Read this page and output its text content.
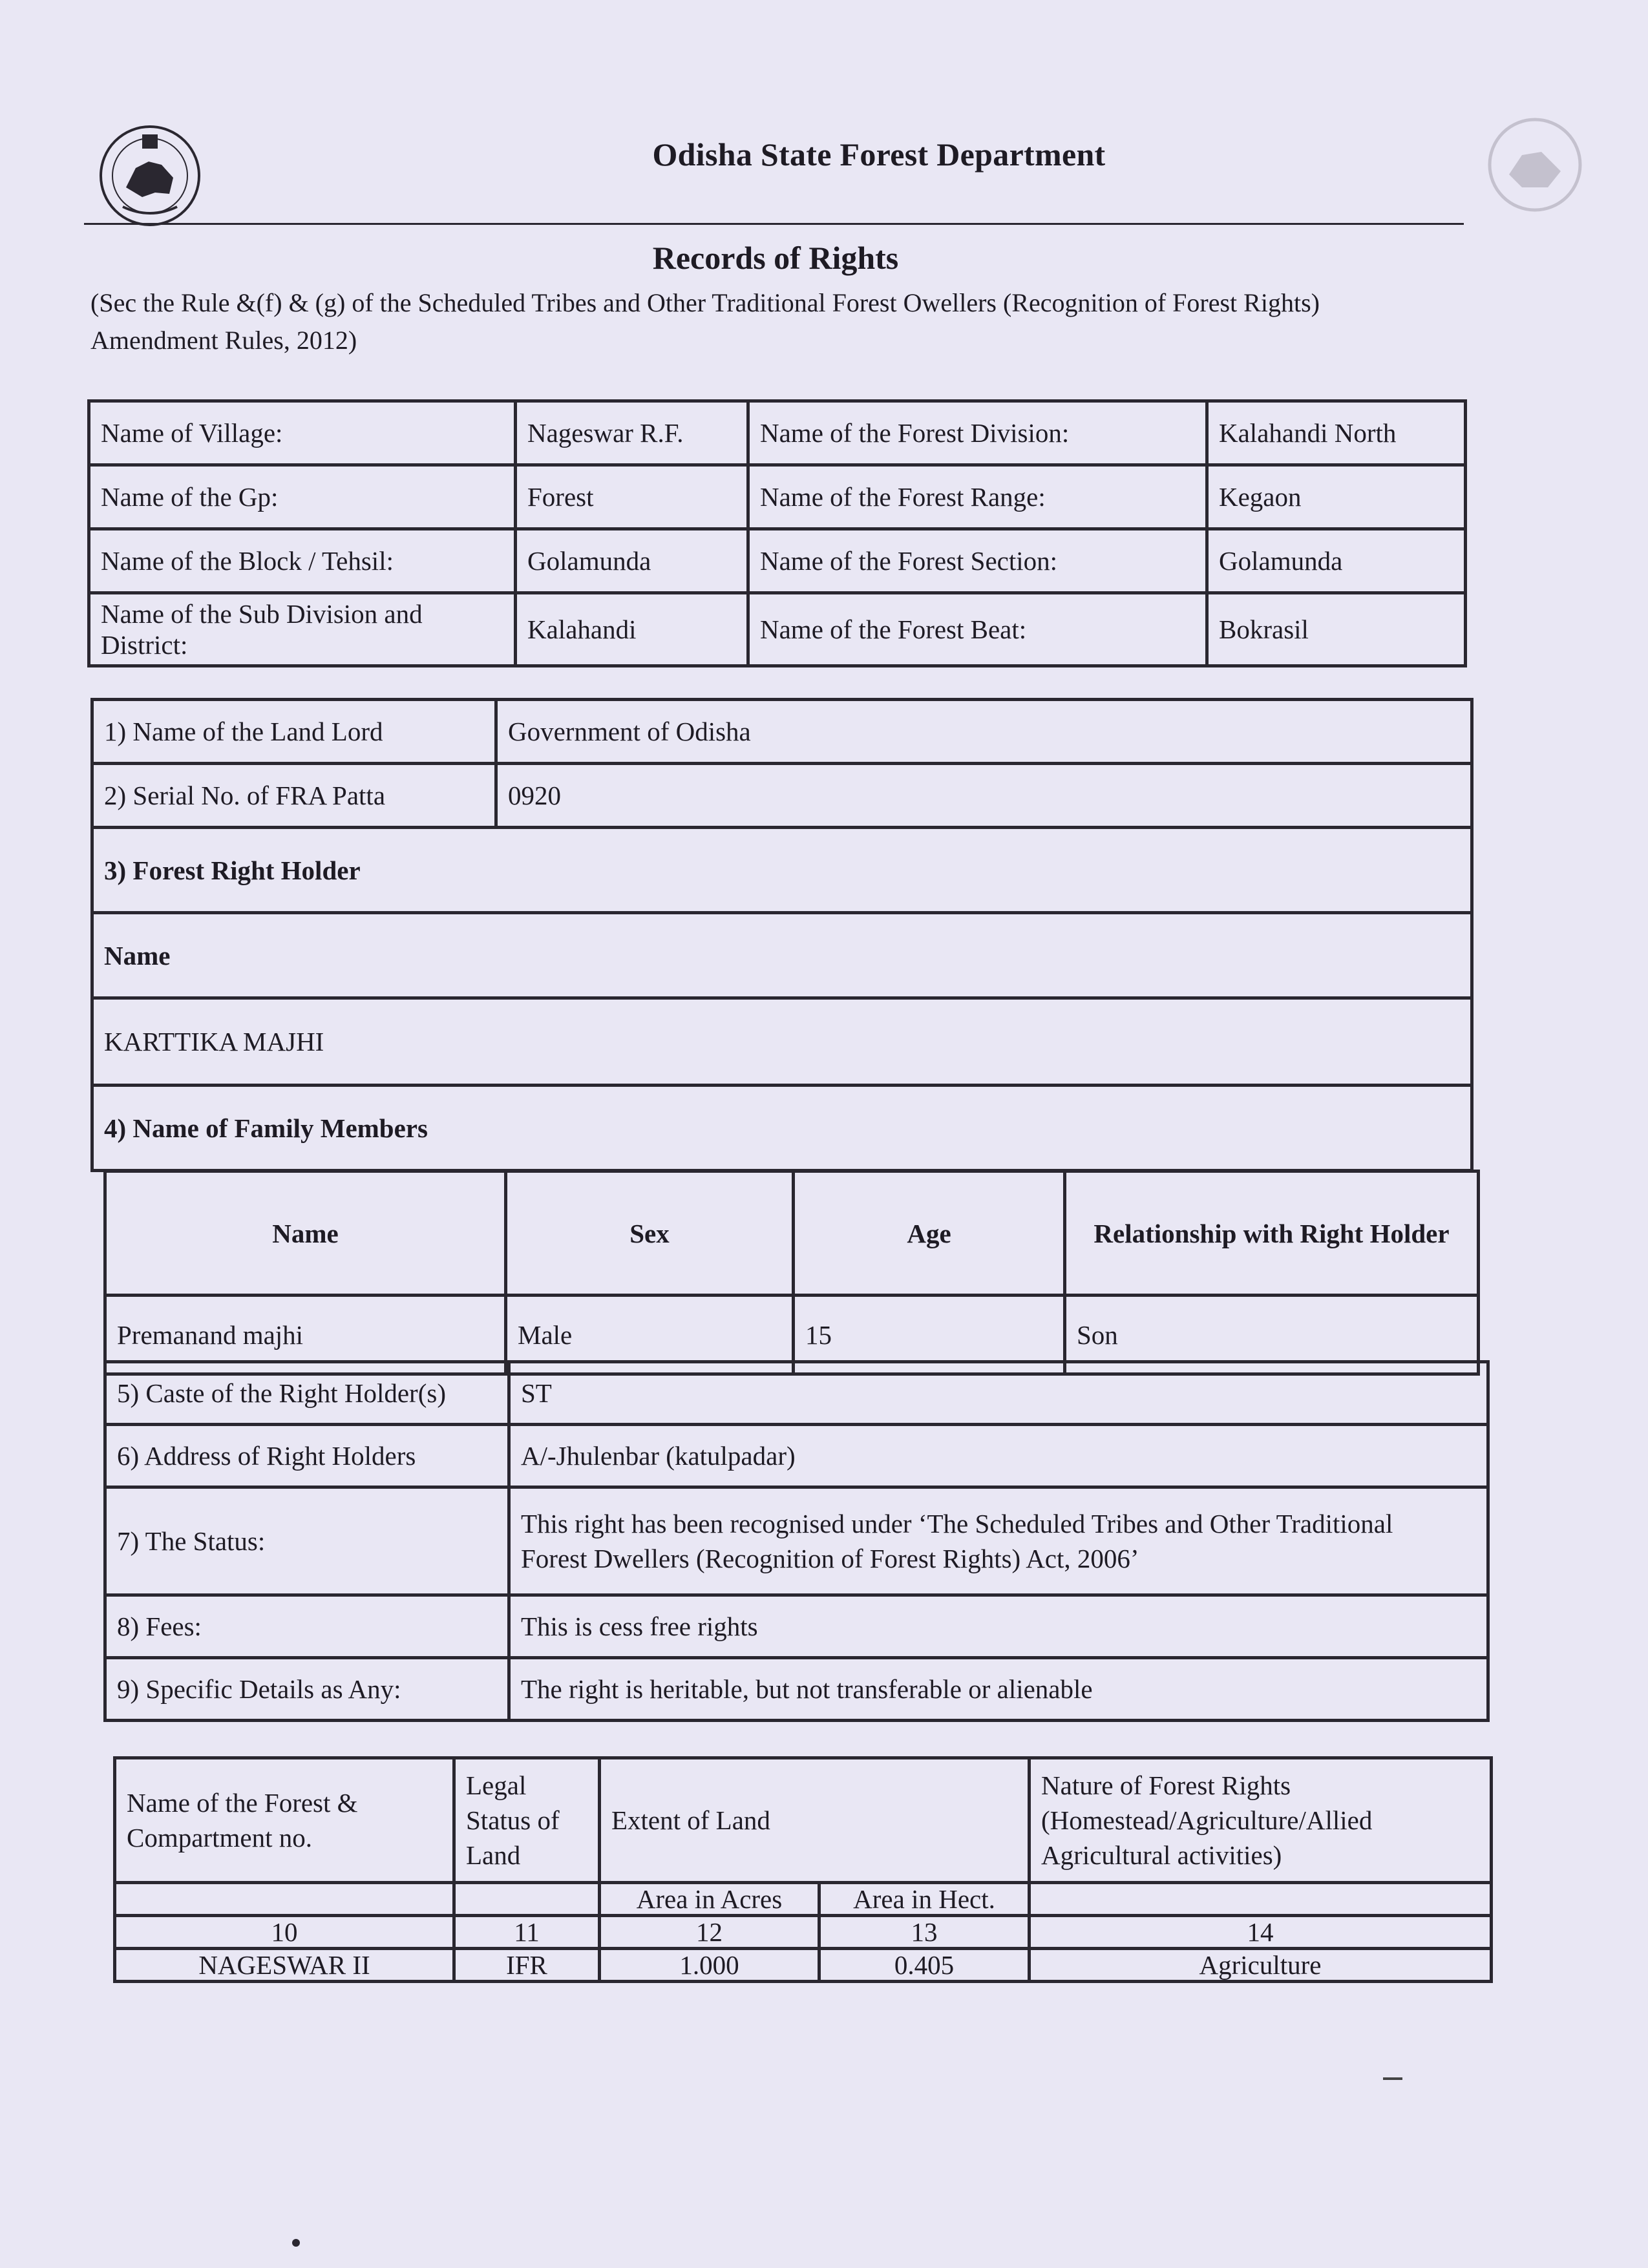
Odisha State Forest Department
Records of Rights
(Sec the Rule &(f) & (g) of the Scheduled Tribes and Other Traditional Forest Owellers (Recognition of Forest Rights) Amendment Rules, 2012)
Name of Village:	Nageswar R.F.	Name of the Forest Division:	Kalahandi North
Name of the Gp:	Forest	Name of the Forest Range:	Kegaon
Name of the Block / Tehsil:	Golamunda	Name of the Forest Section:	Golamunda
Name of the Sub Division and District:	Kalahandi	Name of the Forest Beat:	Bokrasil
1) Name of the Land Lord	Government of Odisha
2) Serial No. of FRA Patta	0920
3) Forest Right Holder	
Name	
KARTTIKA MAJHI	
4) Name of Family Members	
Name	Sex	Age	Relationship with Right Holder
Premanand majhi	Male	15	Son
5) Caste of the Right Holder(s)	ST
6) Address of Right Holders	A/-Jhulenbar (katulpadar)
7) The Status:	This right has been recognised under ‘The Scheduled Tribes and Other Traditional
Forest Dwellers (Recognition of Forest Rights) Act, 2006’

8) Fees:	This is cess free rights
9) Specific Details as Any:	The right is heritable, but not transferable or alienable
Name of the Forest & Compartment no.	Legal Status of Land	Extent of Land		Nature of Forest Rights (Homestead/Agriculture/Allied Agricultural activities)
		Area in Acres	Area in Hect.	
10	11	12	13	14
NAGESWAR II	IFR	1.000	0.405	Agriculture
